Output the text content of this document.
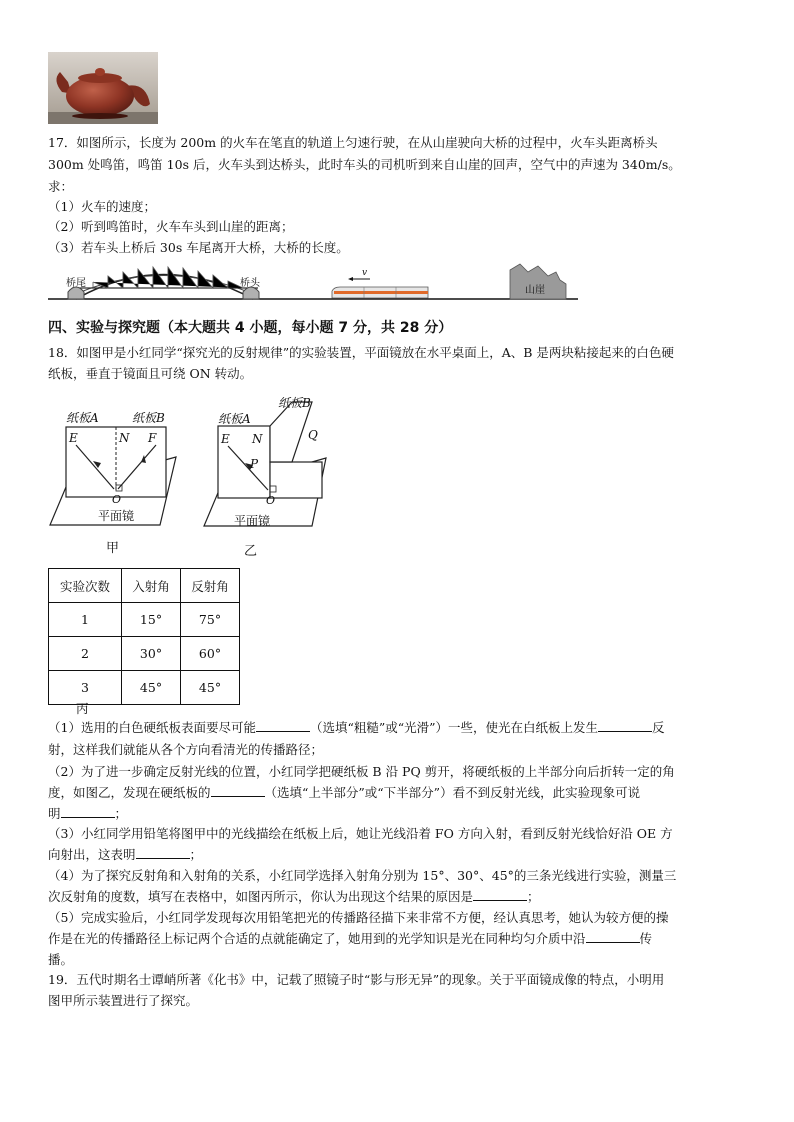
17．如图所示，长度为 200m 的火车在笔直的轨道上匀速行驶，在从山崖驶向大桥的过程中，火车头距离桥头
300m 处鸣笛，鸣笛 10s 后，火车头到达桥头，此时车头的司机听到来自山崖的回声，空气中的声速为 340m/s。
求：
（1）火车的速度；
（2）听到鸣笛时，火车车头到山崖的距离；
（3）若车头上桥后 30s 车尾离开大桥，大桥的长度。
桥尾	桥头
v
山崖
四、实验与探究题（本大题共 4 小题，每小题 7 分，共 28 分）
18．如图甲是小红同学“探究光的反射规律”的实验装置，平面镜放在水平桌面上，A、B 是两块粘接起来的白色硬
纸板，垂直于镜面且可绕 ON 转动。
纸板A	纸板B
E	N F
O
平面镜
甲
纸板A
纸板B
E N
P
Q
O
平面镜
乙
实验次数	入射角	反射角
1	15°	75°
2	30°	60°
3	45°	45°
丙
（1）选用的白色硬纸板表面要尽可能	（选填“粗糙”或“光滑”）一些，使光在白纸板上发生	反
射，这样我们就能从各个方向看清光的传播路径；
（2）为了进一步确定反射光线的位置，小红同学把硬纸板 B 沿 PQ 剪开，将硬纸板的上半部分向后折转一定的角
度，如图乙，发现在硬纸板的	（选填“上半部分”或“下半部分”）看不到反射光线，此实验现象可说
明	；
（3）小红同学用铅笔将图甲中的光线描绘在纸板上后，她让光线沿着 FO 方向入射，看到反射光线恰好沿 OE 方
向射出，这表明	；
（4）为了探究反射角和入射角的关系，小红同学选择入射角分别为 15°、30°、45°的三条光线进行实验，测量三
次反射角的度数，填写在表格中，如图丙所示，你认为出现这个结果的原因是	；
（5）完成实验后，小红同学发现每次用铅笔把光的传播路径描下来非常不方便，经认真思考，她认为较方便的操
作是在光的传播路径上标记两个合适的点就能确定了，她用到的光学知识是光在同种均匀介质中沿	传
播。
19．五代时期名士谭峭所著《化书》中，记载了照镜子时“影与形无异”的现象。关于平面镜成像的特点，小明用
图甲所示装置进行了探究。
